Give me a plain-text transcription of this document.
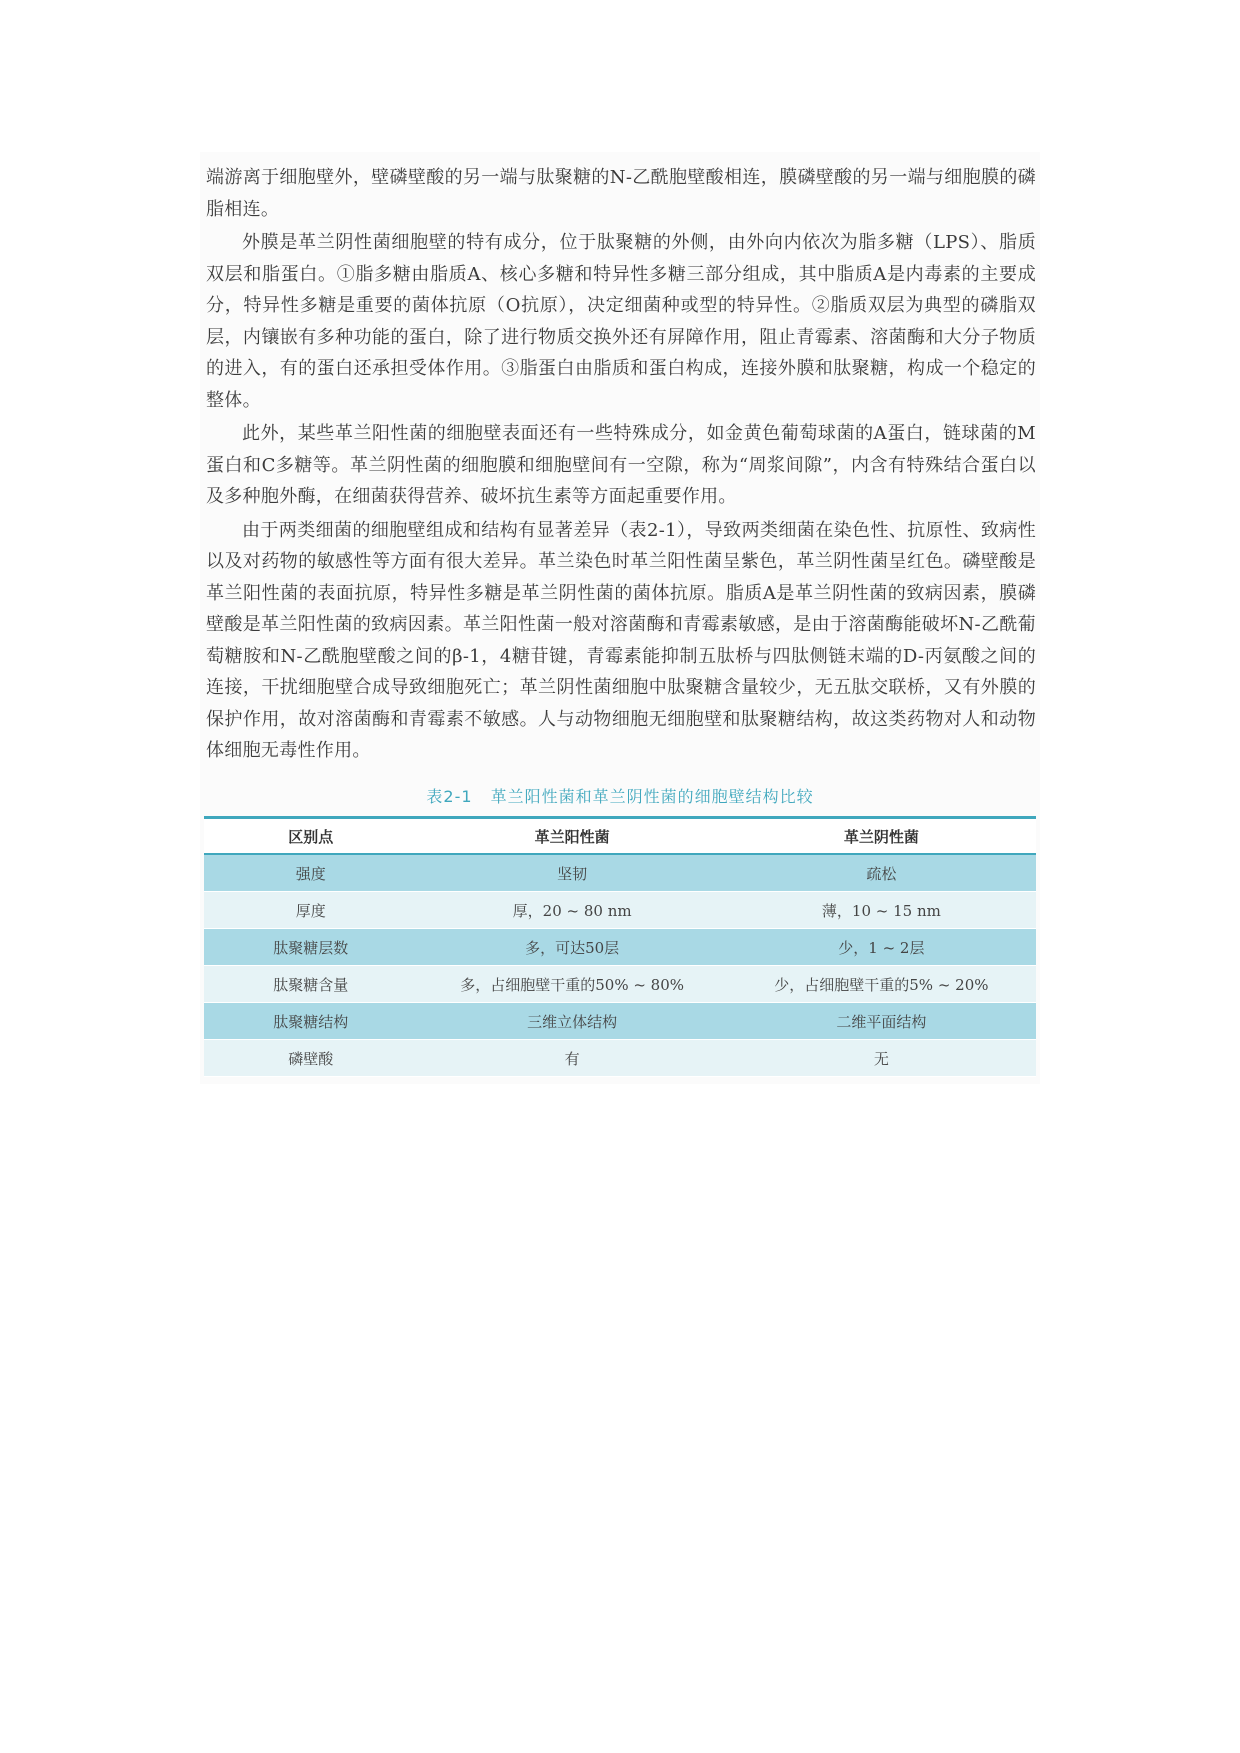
端游离于细胞壁外，壁磷壁酸的另一端与肽聚糖的N-乙酰胞壁酸相连，膜磷壁酸的另一端与细胞膜的磷脂相连。

外膜是革兰阴性菌细胞壁的特有成分，位于肽聚糖的外侧，由外向内依次为脂多糖（LPS）、脂质双层和脂蛋白。①脂多糖由脂质A、核心多糖和特异性多糖三部分组成，其中脂质A是内毒素的主要成分，特异性多糖是重要的菌体抗原（O抗原），决定细菌种或型的特异性。②脂质双层为典型的磷脂双层，内镶嵌有多种功能的蛋白，除了进行物质交换外还有屏障作用，阻止青霉素、溶菌酶和大分子物质的进入，有的蛋白还承担受体作用。③脂蛋白由脂质和蛋白构成，连接外膜和肽聚糖，构成一个稳定的整体。

此外，某些革兰阳性菌的细胞壁表面还有一些特殊成分，如金黄色葡萄球菌的A蛋白，链球菌的M蛋白和C多糖等。革兰阴性菌的细胞膜和细胞壁间有一空隙，称为“周浆间隙”，内含有特殊结合蛋白以及多种胞外酶，在细菌获得营养、破坏抗生素等方面起重要作用。

由于两类细菌的细胞壁组成和结构有显著差异（表2-1），导致两类细菌在染色性、抗原性、致病性以及对药物的敏感性等方面有很大差异。革兰染色时革兰阳性菌呈紫色，革兰阴性菌呈红色。磷壁酸是革兰阳性菌的表面抗原，特异性多糖是革兰阴性菌的菌体抗原。脂质A是革兰阴性菌的致病因素，膜磷壁酸是革兰阳性菌的致病因素。革兰阳性菌一般对溶菌酶和青霉素敏感，是由于溶菌酶能破坏N-乙酰葡萄糖胺和N-乙酰胞壁酸之间的β-1，4糖苷键，青霉素能抑制五肽桥与四肽侧链末端的D-丙氨酸之间的连接，干扰细胞壁合成导致细胞死亡；革兰阴性菌细胞中肽聚糖含量较少，无五肽交联桥，又有外膜的保护作用，故对溶菌酶和青霉素不敏感。人与动物细胞无细胞壁和肽聚糖结构，故这类药物对人和动物体细胞无毒性作用。

表2-1 革兰阳性菌和革兰阴性菌的细胞壁结构比较
区别点	革兰阳性菌	革兰阴性菌
强度	坚韧	疏松
厚度	厚，20 ~ 80 nm	薄，10 ~ 15 nm
肽聚糖层数	多，可达50层	少，1 ~ 2层
肽聚糖含量	多，占细胞壁干重的50% ~ 80%	少，占细胞壁干重的5% ~ 20%
肽聚糖结构	三维立体结构	二维平面结构
磷壁酸	有	无
